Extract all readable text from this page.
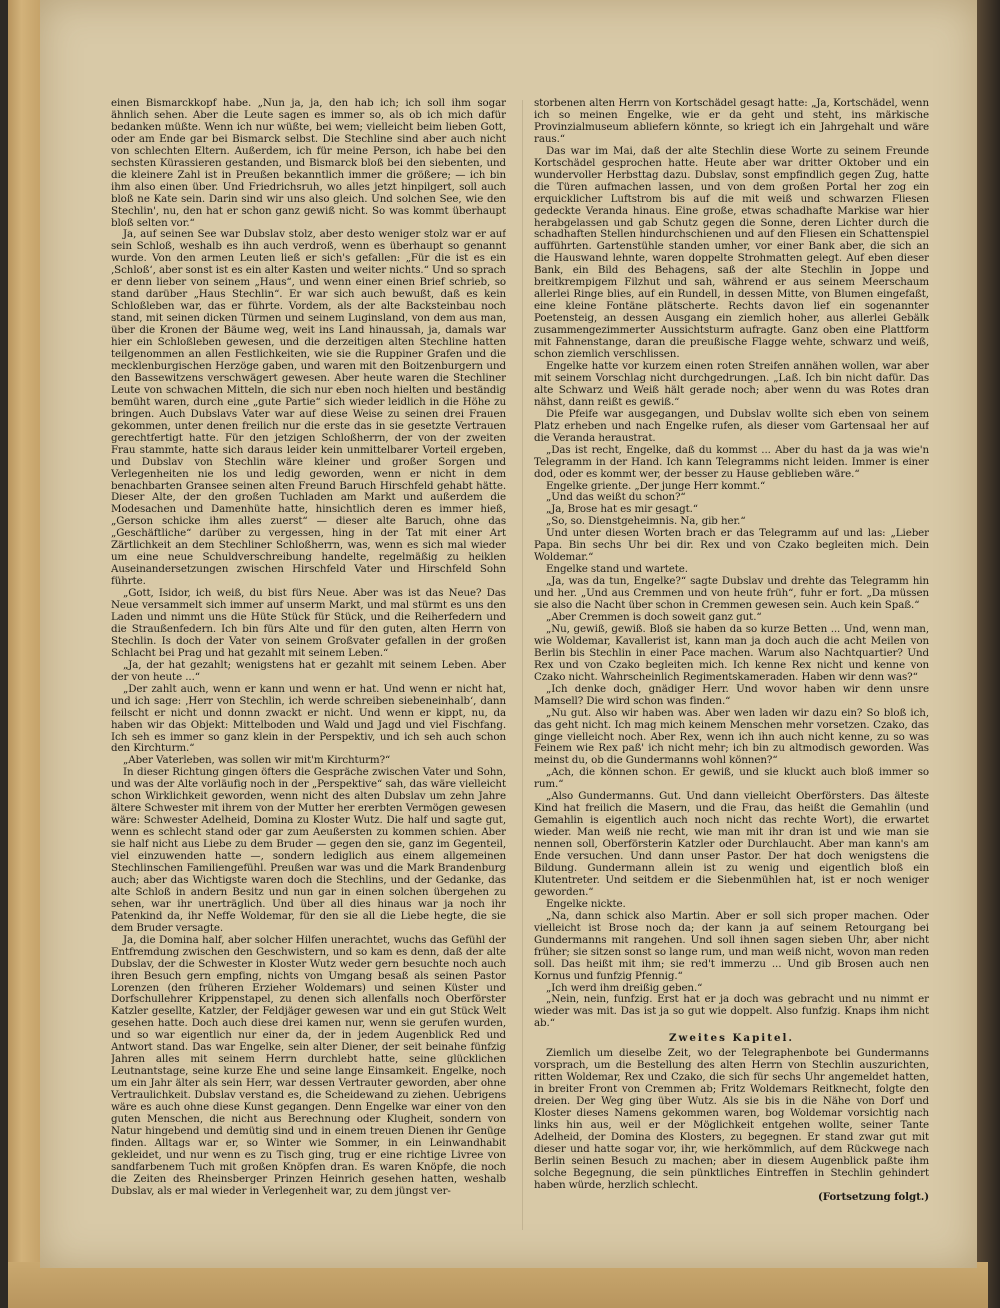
einen Bismarckkopf habe. „Nun ja, ja, den hab ich; ich soll ihm sogar ähnlich sehen. Aber die Leute sagen es immer so, als ob ich mich dafür bedanken müßte. Wenn ich nur wüßte, bei wem; vielleicht beim lieben Gott, oder am Ende gar bei Bismarck selbst. Die Stechline sind aber auch nicht von schlechten Eltern. Außerdem, ich für meine Person, ich habe bei den sechsten Kürassieren gestanden, und Bismarck bloß bei den siebenten, und die kleinere Zahl ist in Preußen bekanntlich immer die größere; — ich bin ihm also einen über. Und Friedrichsruh, wo alles jetzt hinpilgert, soll auch bloß ne Kate sein. Darin sind wir uns also gleich. Und solchen See, wie den Stechlin', nu, den hat er schon ganz gewiß nicht. So was kommt überhaupt bloß selten vor.“

Ja, auf seinen See war Dubslav stolz, aber desto weniger stolz war er auf sein Schloß, weshalb es ihn auch verdroß, wenn es überhaupt so genannt wurde. Von den armen Leuten ließ er sich's gefallen: „Für die ist es ein ‚Schloß‘, aber sonst ist es ein alter Kasten und weiter nichts.“ Und so sprach er denn lieber von seinem „Haus“, und wenn einer einen Brief schrieb, so stand darüber „Haus Stechlin“. Er war sich auch bewußt, daß es kein Schloßleben war, das er führte. Vordem, als der alte Backsteinbau noch stand, mit seinen dicken Türmen und seinem Luginsland, von dem aus man, über die Kronen der Bäume weg, weit ins Land hinaussah, ja, damals war hier ein Schloßleben gewesen, und die derzeitigen alten Stechline hatten teilgenommen an allen Festlichkeiten, wie sie die Ruppiner Grafen und die mecklenburgischen Herzöge gaben, und waren mit den Boitzenburgern und den Bassewitzens verschwägert gewesen. Aber heute waren die Stechliner Leute von schwachen Mitteln, die sich nur eben noch hielten und beständig bemüht waren, durch eine „gute Partie“ sich wieder leidlich in die Höhe zu bringen. Auch Dubslavs Vater war auf diese Weise zu seinen drei Frauen gekommen, unter denen freilich nur die erste das in sie gesetzte Vertrauen gerechtfertigt hatte. Für den jetzigen Schloßherrn, der von der zweiten Frau stammte, hatte sich daraus leider kein unmittelbarer Vorteil ergeben, und Dubslav von Stechlin wäre kleiner und großer Sorgen und Verlegenheiten nie los und ledig geworden, wenn er nicht in dem benachbarten Gransee seinen alten Freund Baruch Hirschfeld gehabt hätte. Dieser Alte, der den großen Tuchladen am Markt und außerdem die Modesachen und Damenhüte hatte, hinsichtlich deren es immer hieß, „Gerson schicke ihm alles zuerst“ — dieser alte Baruch, ohne das „Geschäftliche“ darüber zu vergessen, hing in der Tat mit einer Art Zärtlichkeit an dem Stechliner Schloßherrn, was, wenn es sich mal wieder um eine neue Schuldverschreibung handelte, regelmäßig zu heiklen Auseinandersetzungen zwischen Hirschfeld Vater und Hirschfeld Sohn führte.

„Gott, Isidor, ich weiß, du bist fürs Neue. Aber was ist das Neue? Das Neue versammelt sich immer auf unserm Markt, und mal stürmt es uns den Laden und nimmt uns die Hüte Stück für Stück, und die Reiherfedern und die Straußenfedern. Ich bin fürs Alte und für den guten, alten Herrn von Stechlin. Is doch der Vater von seinem Großvater gefallen in der großen Schlacht bei Prag und hat gezahlt mit seinem Leben.“

„Ja, der hat gezahlt; wenigstens hat er gezahlt mit seinem Leben. Aber der von heute ...“

„Der zahlt auch, wenn er kann und wenn er hat. Und wenn er nicht hat, und ich sage: ‚Herr von Stechlin, ich werde schreiben siebeneinhalb‘, dann feilscht er nicht und donnn zwackt er nicht. Und wenn er kippt, nu, da haben wir das Objekt: Mittelboden und Wald und Jagd und viel Fischfang. Ich seh es immer so ganz klein in der Perspektiv, und ich seh auch schon den Kirchturm.“

„Aber Vaterleben, was sollen wir mit'm Kirchturm?“

In dieser Richtung gingen öfters die Gespräche zwischen Vater und Sohn, und was der Alte vorläufig noch in der „Perspektive“ sah, das wäre vielleicht schon Wirklichkeit geworden, wenn nicht des alten Dubslav um zehn Jahre ältere Schwester mit ihrem von der Mutter her ererbten Vermögen gewesen wäre: Schwester Adelheid, Domina zu Kloster Wutz. Die half und sagte gut, wenn es schlecht stand oder gar zum Aeußersten zu kommen schien. Aber sie half nicht aus Liebe zu dem Bruder — gegen den sie, ganz im Gegenteil, viel einzuwenden hatte —, sondern lediglich aus einem allgemeinen Stechlinschen Familiengefühl. Preußen war was und die Mark Brandenburg auch; aber das Wichtigste waren doch die Stechlins, und der Gedanke, das alte Schloß in andern Besitz und nun gar in einen solchen übergehen zu sehen, war ihr unerträglich. Und über all dies hinaus war ja noch ihr Patenkind da, ihr Neffe Woldemar, für den sie all die Liebe hegte, die sie dem Bruder versagte.

Ja, die Domina half, aber solcher Hilfen unerachtet, wuchs das Gefühl der Entfremdung zwischen den Geschwistern, und so kam es denn, daß der alte Dubslav, der die Schwester in Kloster Wutz weder gern besuchte noch auch ihren Besuch gern empfing, nichts von Umgang besaß als seinen Pastor Lorenzen (den früheren Erzieher Woldemars) und seinen Küster und Dorfschullehrer Krippenstapel, zu denen sich allenfalls noch Oberförster Katzler gesellte, Katzler, der Feldjäger gewesen war und ein gut Stück Welt gesehen hatte. Doch auch diese drei kamen nur, wenn sie gerufen wurden, und so war eigentlich nur einer da, der in jedem Augenblick Red und Antwort stand. Das war Engelke, sein alter Diener, der seit beinahe fünfzig Jahren alles mit seinem Herrn durchlebt hatte, seine glücklichen Leutnantstage, seine kurze Ehe und seine lange Einsamkeit. Engelke, noch um ein Jahr älter als sein Herr, war dessen Vertrauter geworden, aber ohne Vertraulichkeit. Dubslav verstand es, die Scheidewand zu ziehen. Uebrigens wäre es auch ohne diese Kunst gegangen. Denn Engelke war einer von den guten Menschen, die nicht aus Berechnung oder Klugheit, sondern von Natur hingebend und demütig sind und in einem treuen Dienen ihr Genüge finden. Alltags war er, so Winter wie Sommer, in ein Leinwandhabit gekleidet, und nur wenn es zu Tisch ging, trug er eine richtige Livree von sandfarbenem Tuch mit großen Knöpfen dran. Es waren Knöpfe, die noch die Zeiten des Rheinsberger Prinzen Heinrich gesehen hatten, weshalb Dubslav, als er mal wieder in Verlegenheit war, zu dem jüngst ver-

storbenen alten Herrn von Kortschädel gesagt hatte: „Ja, Kortschädel, wenn ich so meinen Engelke, wie er da geht und steht, ins märkische Provinzialmuseum abliefern könnte, so kriegt ich ein Jahrgehalt und wäre raus.“

Das war im Mai, daß der alte Stechlin diese Worte zu seinem Freunde Kortschädel gesprochen hatte. Heute aber war dritter Oktober und ein wundervoller Herbsttag dazu. Dubslav, sonst empfindlich gegen Zug, hatte die Türen aufmachen lassen, und von dem großen Portal her zog ein erquicklicher Luftstrom bis auf die mit weiß und schwarzen Fliesen gedeckte Veranda hinaus. Eine große, etwas schadhafte Markise war hier herabgelassen und gab Schutz gegen die Sonne, deren Lichter durch die schadhaften Stellen hindurchschienen und auf den Fliesen ein Schattenspiel aufführten. Gartenstühle standen umher, vor einer Bank aber, die sich an die Hauswand lehnte, waren doppelte Strohmatten gelegt. Auf eben dieser Bank, ein Bild des Behagens, saß der alte Stechlin in Joppe und breitkrempigem Filzhut und sah, während er aus seinem Meerschaum allerlei Ringe blies, auf ein Rundell, in dessen Mitte, von Blumen eingefaßt, eine kleine Fontäne plätscherte. Rechts davon lief ein sogenannter Poetensteig, an dessen Ausgang ein ziemlich hoher, aus allerlei Gebälk zusammengezimmerter Aussichtsturm aufragte. Ganz oben eine Plattform mit Fahnenstange, daran die preußische Flagge wehte, schwarz und weiß, schon ziemlich verschlissen.

Engelke hatte vor kurzem einen roten Streifen annähen wollen, war aber mit seinem Vorschlag nicht durchgedrungen. „Laß. Ich bin nicht dafür. Das alte Schwarz und Weiß hält gerade noch; aber wenn du was Rotes dran nähst, dann reißt es gewiß.“

Die Pfeife war ausgegangen, und Dubslav wollte sich eben von seinem Platz erheben und nach Engelke rufen, als dieser vom Gartensaal her auf die Veranda heraustrat.

„Das ist recht, Engelke, daß du kommst ... Aber du hast da ja was wie'n Telegramm in der Hand. Ich kann Telegramms nicht leiden. Immer is einer dod, oder es kommt wer, der besser zu Hause geblieben wäre.“

Engelke griente. „Der junge Herr kommt.“

„Und das weißt du schon?“

„Ja, Brose hat es mir gesagt.“

„So, so. Dienstgeheimnis. Na, gib her.“

Und unter diesen Worten brach er das Telegramm auf und las: „Lieber Papa. Bin sechs Uhr bei dir. Rex und von Czako begleiten mich. Dein Woldemar.“

Engelke stand und wartete.

„Ja, was da tun, Engelke?“ sagte Dubslav und drehte das Telegramm hin und her. „Und aus Cremmen und von heute früh“, fuhr er fort. „Da müssen sie also die Nacht über schon in Cremmen gewesen sein. Auch kein Spaß.“

„Aber Cremmen is doch soweit ganz gut.“

„Nu, gewiß, gewiß. Bloß sie haben da so kurze Betten ... Und, wenn man, wie Woldemar, Kavallerist ist, kann man ja doch auch die acht Meilen von Berlin bis Stechlin in einer Pace machen. Warum also Nachtquartier? Und Rex und von Czako begleiten mich. Ich kenne Rex nicht und kenne von Czako nicht. Wahrscheinlich Regimentskameraden. Haben wir denn was?“

„Ich denke doch, gnädiger Herr. Und wovor haben wir denn unsre Mamsell? Die wird schon was finden.“

„Nu gut. Also wir haben was. Aber wen laden wir dazu ein? So bloß ich, das geht nicht. Ich mag mich keinem Menschen mehr vorsetzen. Czako, das ginge vielleicht noch. Aber Rex, wenn ich ihn auch nicht kenne, zu so was Feinem wie Rex paß' ich nicht mehr; ich bin zu altmodisch geworden. Was meinst du, ob die Gundermanns wohl können?“

„Ach, die können schon. Er gewiß, und sie kluckt auch bloß immer so rum.“

„Also Gundermanns. Gut. Und dann vielleicht Oberförsters. Das älteste Kind hat freilich die Masern, und die Frau, das heißt die Gemahlin (und Gemahlin is eigentlich auch noch nicht das rechte Wort), die erwartet wieder. Man weiß nie recht, wie man mit ihr dran ist und wie man sie nennen soll, Oberförsterin Katzler oder Durchlaucht. Aber man kann's am Ende versuchen. Und dann unser Pastor. Der hat doch wenigstens die Bildung. Gundermann allein ist zu wenig und eigentlich bloß ein Klutentreter. Und seitdem er die Siebenmühlen hat, ist er noch weniger geworden.“

Engelke nickte.

„Na, dann schick also Martin. Aber er soll sich proper machen. Oder vielleicht ist Brose noch da; der kann ja auf seinem Retourgang bei Gundermanns mit rangehen. Und soll ihnen sagen sieben Uhr, aber nicht früher; sie sitzen sonst so lange rum, und man weiß nicht, wovon man reden soll. Das heißt mit ihm; sie red't immerzu ... Und gib Brosen auch nen Kornus und funfzig Pfennig.“

„Ich werd ihm dreißig geben.“

„Nein, nein, funfzig. Erst hat er ja doch was gebracht und nu nimmt er wieder was mit. Das ist ja so gut wie doppelt. Also funfzig. Knaps ihm nicht ab.“

Zweites Kapitel.

Ziemlich um dieselbe Zeit, wo der Telegraphenbote bei Gundermanns vorsprach, um die Bestellung des alten Herrn von Stechlin auszurichten, ritten Woldemar, Rex und Czako, die sich für sechs Uhr angemeldet hatten, in breiter Front von Cremmen ab; Fritz Woldemars Reitknecht, folgte den dreien. Der Weg ging über Wutz. Als sie bis in die Nähe von Dorf und Kloster dieses Namens gekommen waren, bog Woldemar vorsichtig nach links hin aus, weil er der Möglichkeit entgehen wollte, seiner Tante Adelheid, der Domina des Klosters, zu begegnen. Er stand zwar gut mit dieser und hatte sogar vor, ihr, wie herkömmlich, auf dem Rückwege nach Berlin seinen Besuch zu machen; aber in diesem Augenblick paßte ihm solche Begegnung, die sein pünktliches Eintreffen in Stechlin gehindert haben würde, herzlich schlecht.

(Fortsetzung folgt.)
